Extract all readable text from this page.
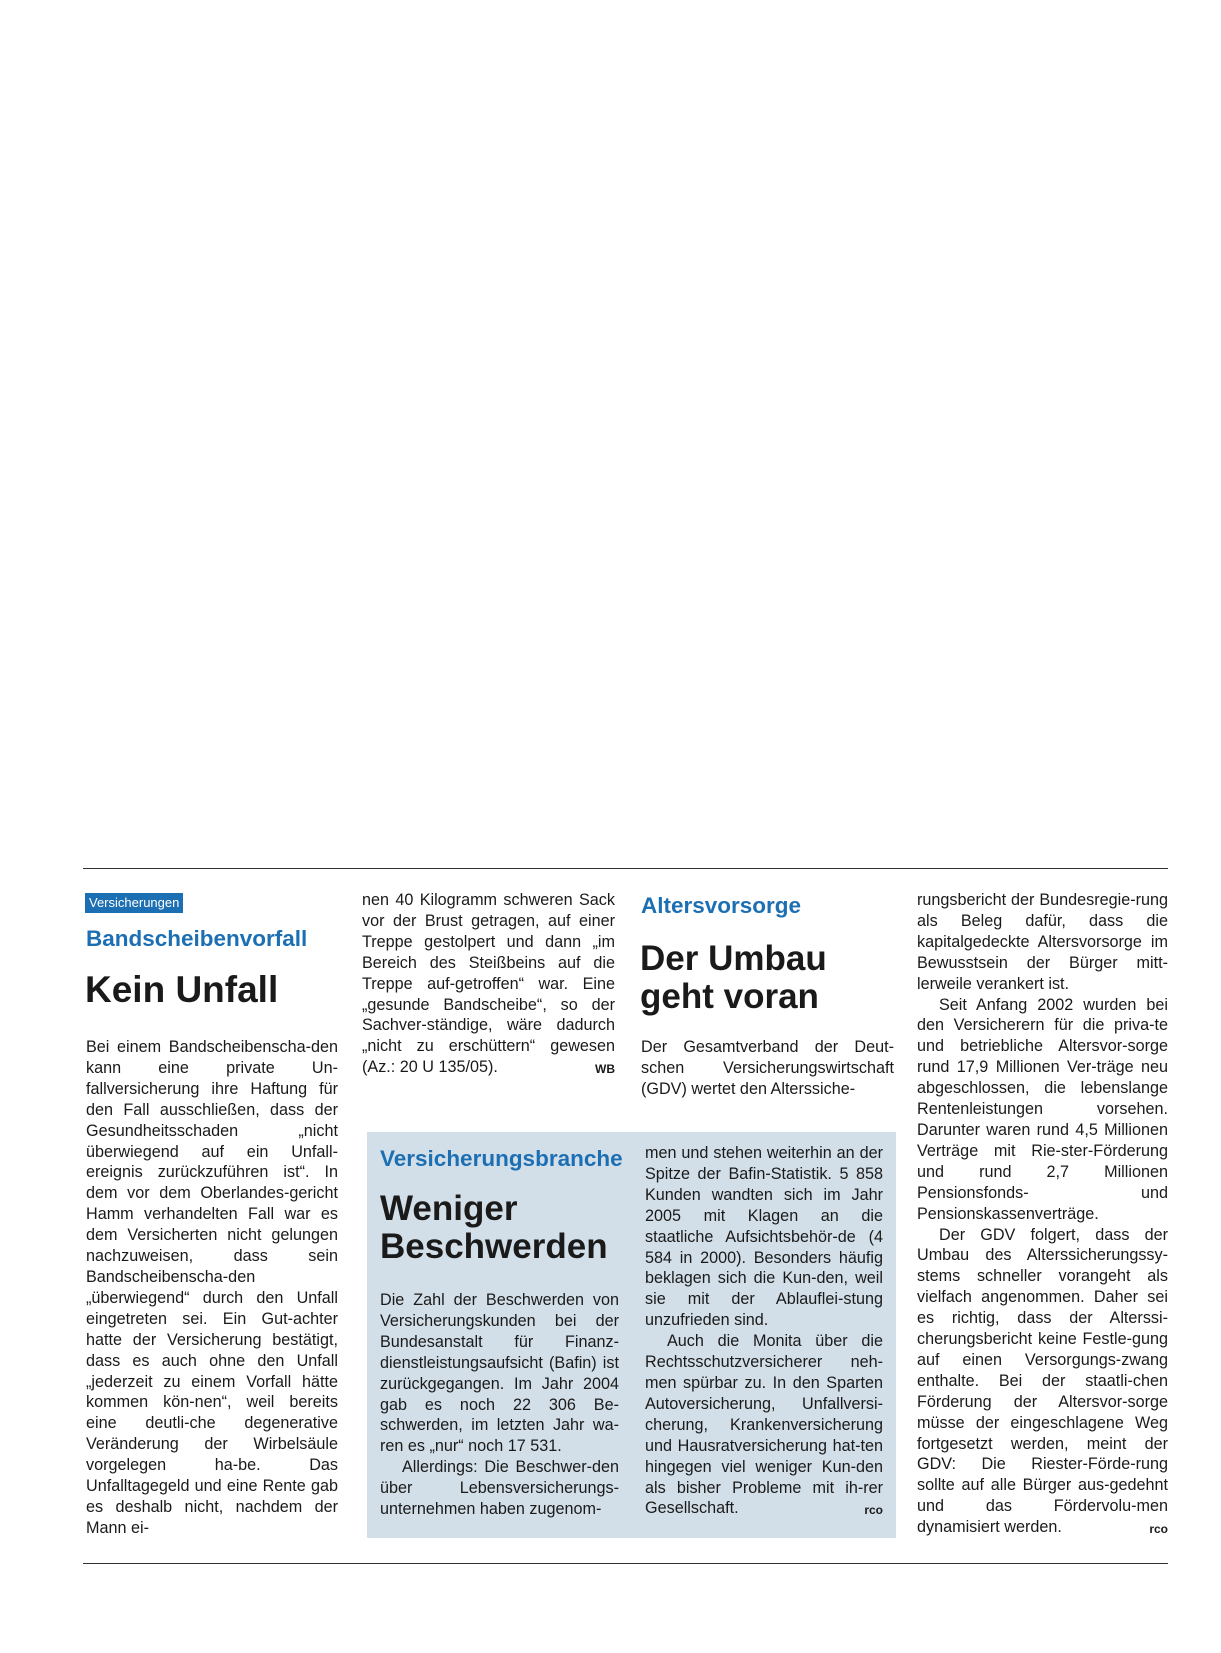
Versicherungen
Bandscheibenvorfall
Kein Unfall

Bei einem Bandscheibenscha-den kann eine private Un-fallversicherung ihre Haftung für den Fall ausschließen, dass der Gesundheitsschaden „nicht überwiegend auf ein Unfall-ereignis zurückzuführen ist“. In dem vor dem Oberlandes-gericht Hamm verhandelten Fall war es dem Versicherten nicht gelungen nachzuweisen, dass sein Bandscheibenscha-den „überwiegend“ durch den Unfall eingetreten sei. Ein Gut-achter hatte der Versicherung bestätigt, dass es auch ohne den Unfall „jederzeit zu einem Vorfall hätte kommen kön-nen“, weil bereits eine deutli-che degenerative Veränderung der Wirbelsäule vorgelegen ha-be. Das Unfalltagegeld und eine Rente gab es deshalb nicht, nachdem der Mann ei-

nen 40 Kilogramm schweren Sack vor der Brust getragen, auf einer Treppe gestolpert und dann „im Bereich des Steißbeins auf die Treppe auf-getroffen“ war. Eine „gesunde Bandscheibe“, so der Sachver-ständige, wäre dadurch „nicht zu erschüttern“ gewesen (Az.: 20 U 135/05).	WB

Altersvorsorge
Der Umbau
geht voran

Der Gesamtverband der Deut-schen Versicherungswirtschaft (GDV) wertet den Alterssiche-

rungsbericht der Bundesregie-rung als Beleg dafür, dass die kapitalgedeckte Altersvorsorge im Bewusstsein der Bürger mitt-lerweile verankert ist.

Seit Anfang 2002 wurden bei den Versicherern für die priva-te und betriebliche Altersvor-sorge rund 17,9 Millionen Ver-träge neu abgeschlossen, die lebenslange Rentenleistungen vorsehen. Darunter waren rund 4,5 Millionen Verträge mit Rie-ster-Förderung und rund 2,7 Millionen Pensionsfonds- und Pensionskassenverträge.

Der GDV folgert, dass der Umbau des Alterssicherungssy-stems schneller vorangeht als vielfach angenommen. Daher sei es richtig, dass der Alterssi-cherungsbericht keine Festle-gung auf einen Versorgungs-zwang enthalte. Bei der staatli-chen Förderung der Altersvor-sorge müsse der eingeschlagene Weg fortgesetzt werden, meint der GDV: Die Riester-Förde-rung sollte auf alle Bürger aus-gedehnt und das Fördervolu-men dynamisiert werden.	rco

Versicherungsbranche
Weniger
Beschwerden

Die Zahl der Beschwerden von Versicherungskunden bei der Bundesanstalt für Finanz-dienstleistungsaufsicht (Bafin) ist zurückgegangen. Im Jahr 2004 gab es noch 22 306 Be-schwerden, im letzten Jahr wa-ren es „nur“ noch 17 531.

Allerdings: Die Beschwer-den über Lebensversicherungs-unternehmen haben zugenom-

men und stehen weiterhin an der Spitze der Bafin-Statistik. 5 858 Kunden wandten sich im Jahr 2005 mit Klagen an die staatliche Aufsichtsbehör-de (4 584 in 2000). Besonders häufig beklagen sich die Kun-den, weil sie mit der Ablauflei-stung unzufrieden sind.

Auch die Monita über die Rechtsschutzversicherer neh-men spürbar zu. In den Sparten Autoversicherung, Unfallversi-cherung, Krankenversicherung und Hausratversicherung hat-ten hingegen viel weniger Kun-den als bisher Probleme mit ih-rer Gesellschaft.	rco
